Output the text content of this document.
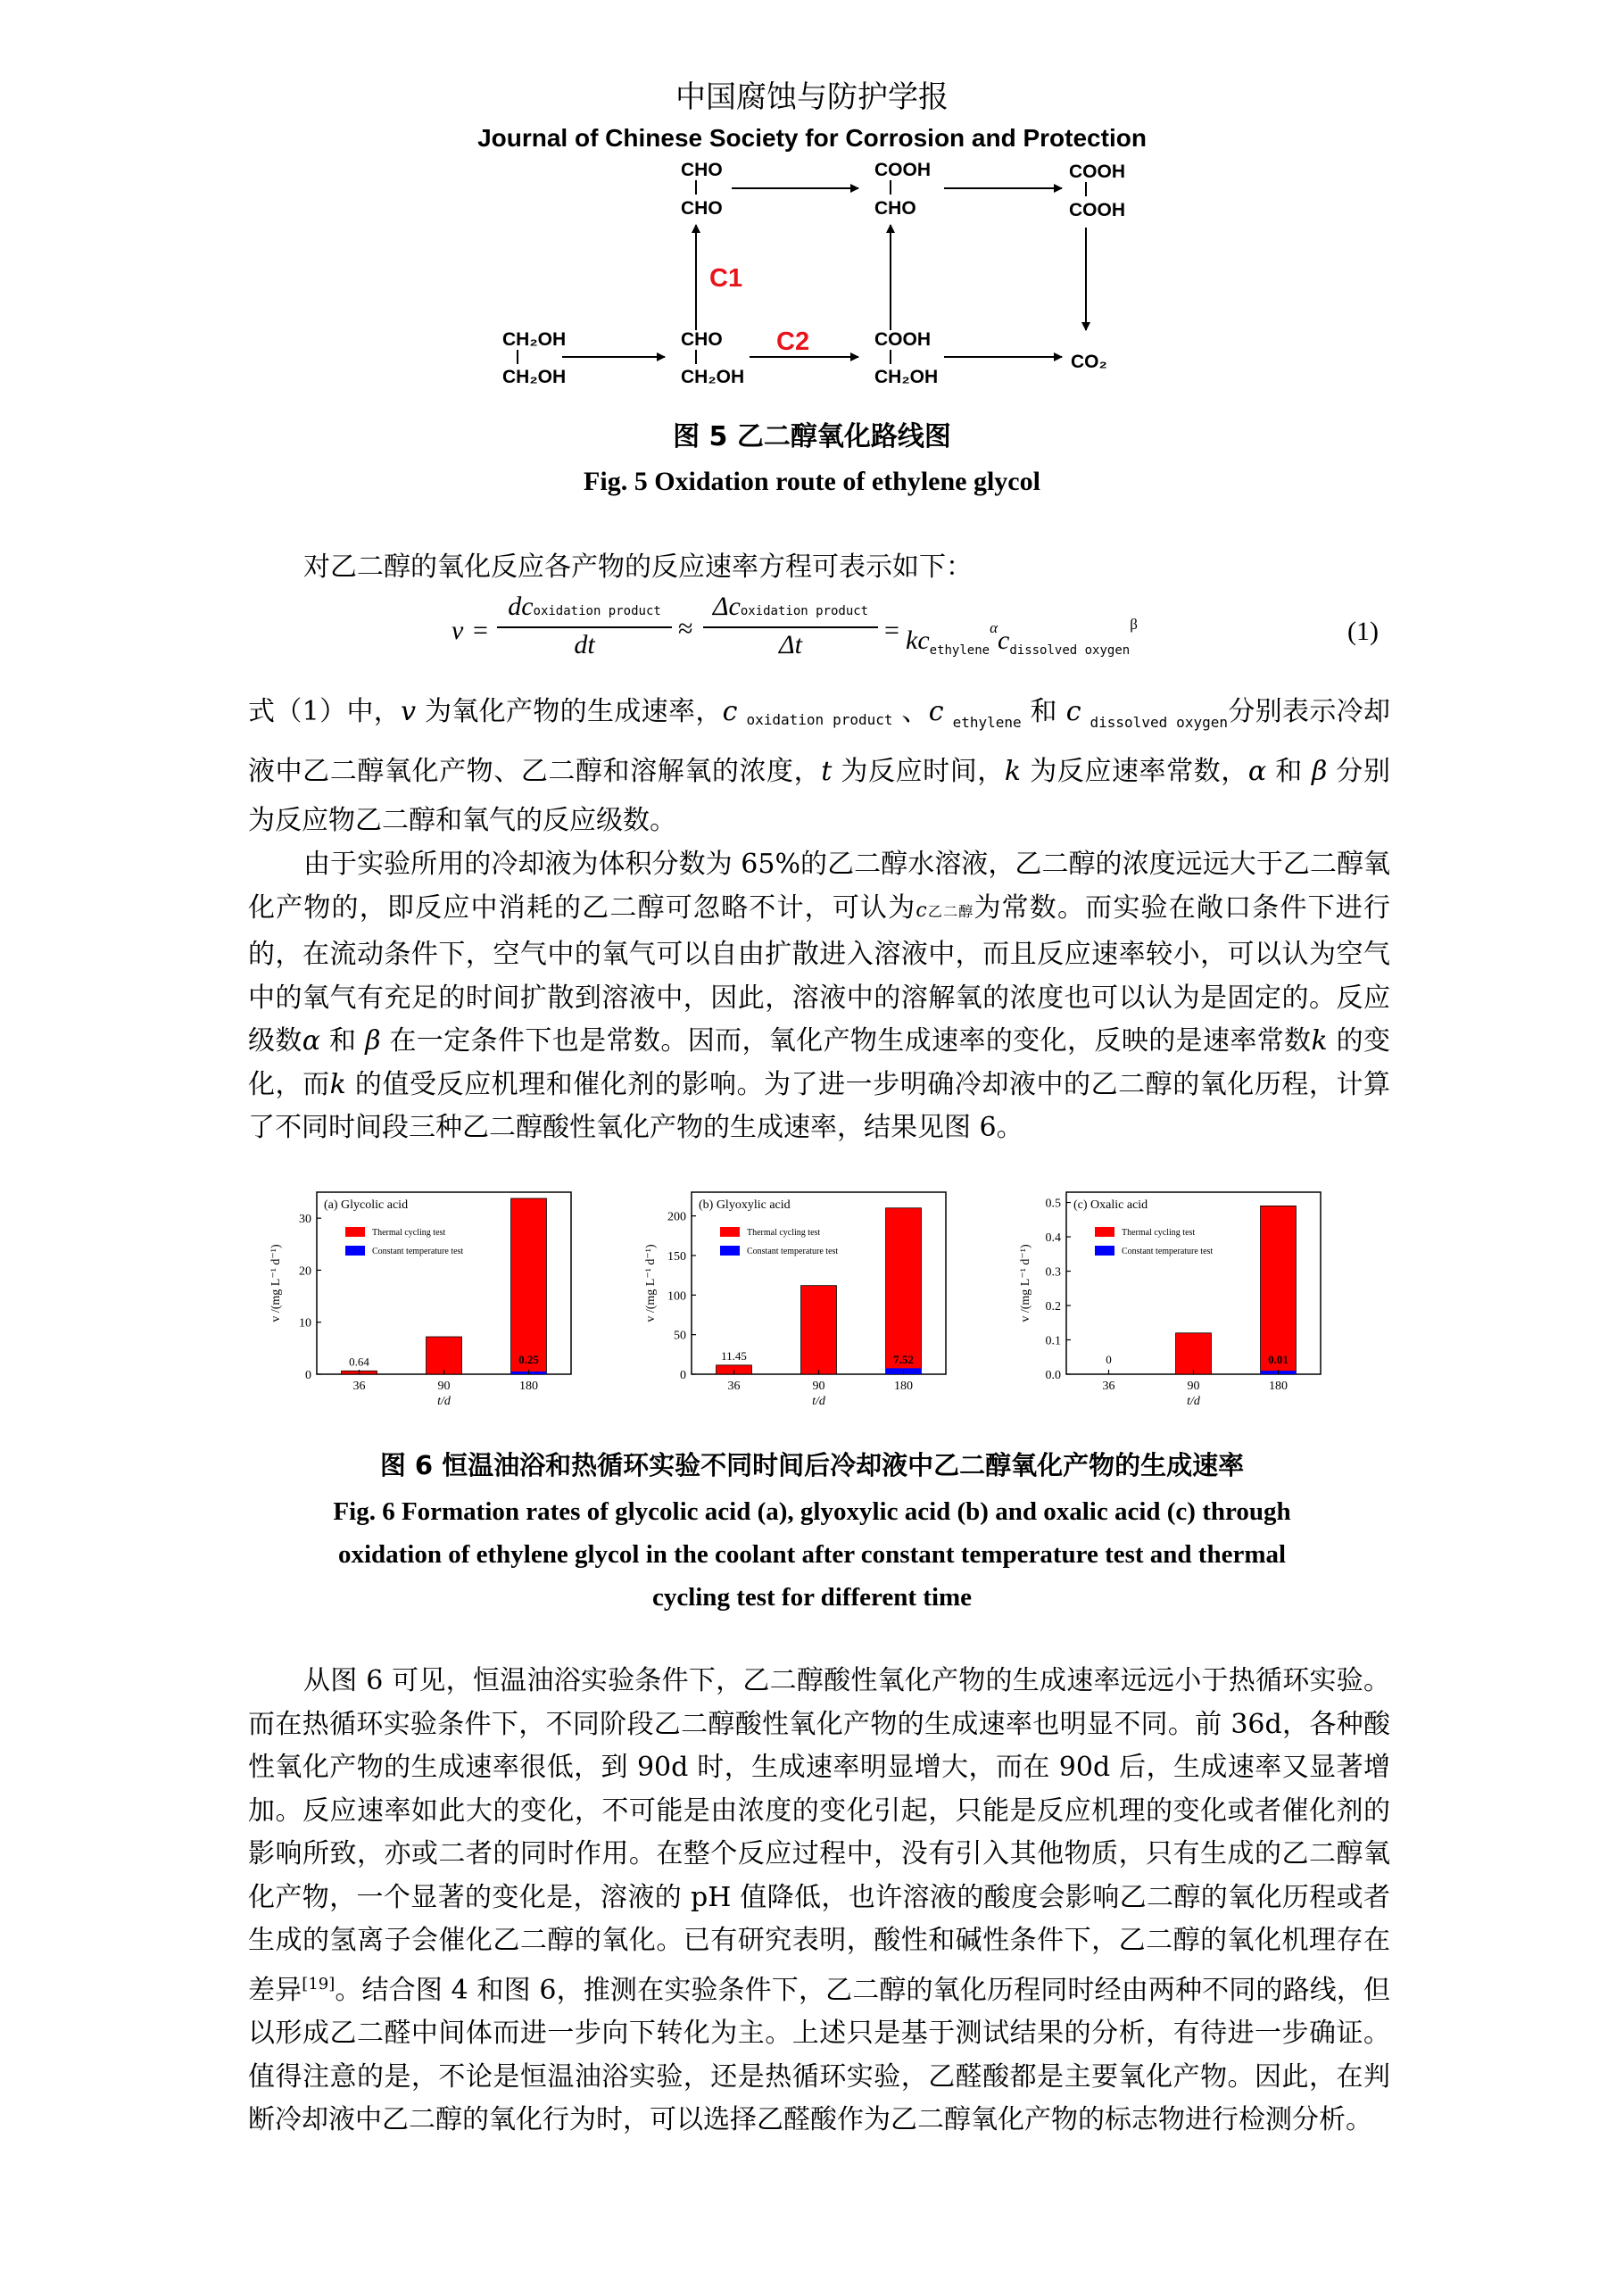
中国腐蚀与防护学报
Journal of Chinese Society for Corrosion and Protection
CH₂OH
CH₂OH
CHO
CH₂OH
COOH
CH₂OH
CHO
CHO
COOH
CHO
COOH
COOH
CO₂
C1
C2
图 5 乙二醇氧化路线图
Fig. 5 Oxidation route of ethylene glycol
对乙二醇的氧化反应各产物的反应速率方程可表示如下：
v =
dcoxidation product
dt
≈
Δcoxidation product
Δt	= $kc_{ethylene}^\alpha c_{dissolved oxygen}^\beta$	(1)

式（1）中，v 为氧化产物的生成速率，c oxidation product 、c $_{ethylene}$ 和 c $_{dissolved oxygen}$分别表示冷却液中乙二醇氧化产物、乙二醇和溶解氧的浓度，t 为反应时间，k 为反应速率常数，α 和 β 分别为反应物乙二醇和氧气的反应级数。

由于实验所用的冷却液为体积分数为 65%的乙二醇水溶液，乙二醇的浓度远远大于乙二醇氧化产物的，即反应中消耗的乙二醇可忽略不计，可认为c乙二醇为常数。而实验在敞口条件下进行的，在流动条件下，空气中的氧气可以自由扩散进入溶液中，而且反应速率较小，可以认为空气中的氧气有充足的时间扩散到溶液中，因此，溶液中的溶解氧的浓度也可以认为是固定的。反应级数α 和 β 在一定条件下也是常数。因而，氧化产物生成速率的变化，反映的是速率常数k 的变化，而k 的值受反应机理和催化剂的影响。为了进一步明确冷却液中的乙二醇的氧化历程，计算了不同时间段三种乙二醇酸性氧化产物的生成速率，结果见图 6。

0
10
20
30
36
0.64
90	180
0.25
(a) Glycolic acid
Thermal cycling test
Constant temperature test
t/d
v /(mg L⁻¹ d⁻¹)
0
50
100
150
200
36
11.45
90	180
7.52
(b) Glyoxylic acid
Thermal cycling test
Constant temperature test
t/d
v /(mg L⁻¹ d⁻¹)
0.0
0.1
0.2
0.3
0.4
0.5
36
0
90	180
0.01
(c) Oxalic acid
Thermal cycling test
Constant temperature test
t/d
v /(mg L⁻¹ d⁻¹)
图 6 恒温油浴和热循环实验不同时间后冷却液中乙二醇氧化产物的生成速率
Fig. 6 Formation rates of glycolic acid (a), glyoxylic acid (b) and oxalic acid (c) through
oxidation of ethylene glycol in the coolant after constant temperature test and thermal
cycling test for different time

从图 6 可见，恒温油浴实验条件下，乙二醇酸性氧化产物的生成速率远远小于热循环实验。而在热循环实验条件下，不同阶段乙二醇酸性氧化产物的生成速率也明显不同。前 36d，各种酸性氧化产物的生成速率很低，到 90d 时，生成速率明显增大，而在 90d 后，生成速率又显著增加。反应速率如此大的变化，不可能是由浓度的变化引起，只能是反应机理的变化或者催化剂的影响所致，亦或二者的同时作用。在整个反应过程中，没有引入其他物质，只有生成的乙二醇氧化产物，一个显著的变化是，溶液的 pH 值降低，也许溶液的酸度会影响乙二醇的氧化历程或者生成的氢离子会催化乙二醇的氧化。已有研究表明，酸性和碱性条件下，乙二醇的氧化机理存在差异[19]。结合图 4 和图 6，推测在实验条件下，乙二醇的氧化历程同时经由两种不同的路线，但以形成乙二醛中间体而进一步向下转化为主。上述只是基于测试结果的分析，有待进一步确证。值得注意的是，不论是恒温油浴实验，还是热循环实验，乙醛酸都是主要氧化产物。因此，在判断冷却液中乙二醇的氧化行为时，可以选择乙醛酸作为乙二醇氧化产物的标志物进行检测分析。
